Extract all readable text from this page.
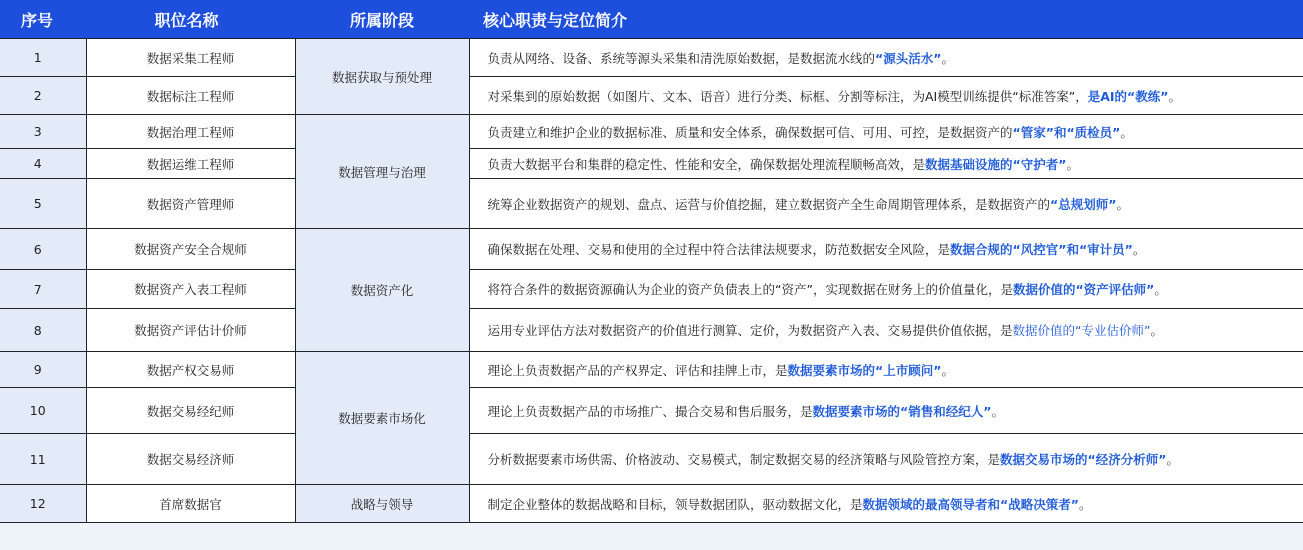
序号	职位名称	所属阶段	核心职责与定位简介
1	数据采集工程师	数据获取与预处理	负责从网络、设备、系统等源头采集和清洗原始数据，是数据流水线的“源头活水”。
2	数据标注工程师		对采集到的原始数据（如图片、文本、语音）进行分类、标框、分割等标注，为AI模型训练提供“标准答案”，是AI的“教练”。
3	数据治理工程师	数据管理与治理	负责建立和维护企业的数据标准、质量和安全体系，确保数据可信、可用、可控，是数据资产的“管家”和“质检员”。
4	数据运维工程师		负责大数据平台和集群的稳定性、性能和安全，确保数据处理流程顺畅高效，是数据基础设施的“守护者”。
5	数据资产管理师		统筹企业数据资产的规划、盘点、运营与价值挖掘，建立数据资产全生命周期管理体系，是数据资产的“总规划师”。
6	数据资产安全合规师	数据资产化	确保数据在处理、交易和使用的全过程中符合法律法规要求，防范数据安全风险，是数据合规的“风控官”和“审计员”。
7	数据资产入表工程师		将符合条件的数据资源确认为企业的资产负债表上的“资产”，实现数据在财务上的价值量化，是数据价值的“资产评估师”。
8	数据资产评估计价师		运用专业评估方法对数据资产的价值进行测算、定价，为数据资产入表、交易提供价值依据，是数据价值的“专业估价师”。
9	数据产权交易师	数据要素市场化	理论上负责数据产品的产权界定、评估和挂牌上市，是数据要素市场的“上市顾问”。
10	数据交易经纪师		理论上负责数据产品的市场推广、撮合交易和售后服务，是数据要素市场的“销售和经纪人”。
11	数据交易经济师		分析数据要素市场供需、价格波动、交易模式，制定数据交易的经济策略与风险管控方案，是数据交易市场的“经济分析师”。
12	首席数据官	战略与领导	制定企业整体的数据战略和目标，领导数据团队，驱动数据文化，是数据领域的最高领导者和“战略决策者”。
